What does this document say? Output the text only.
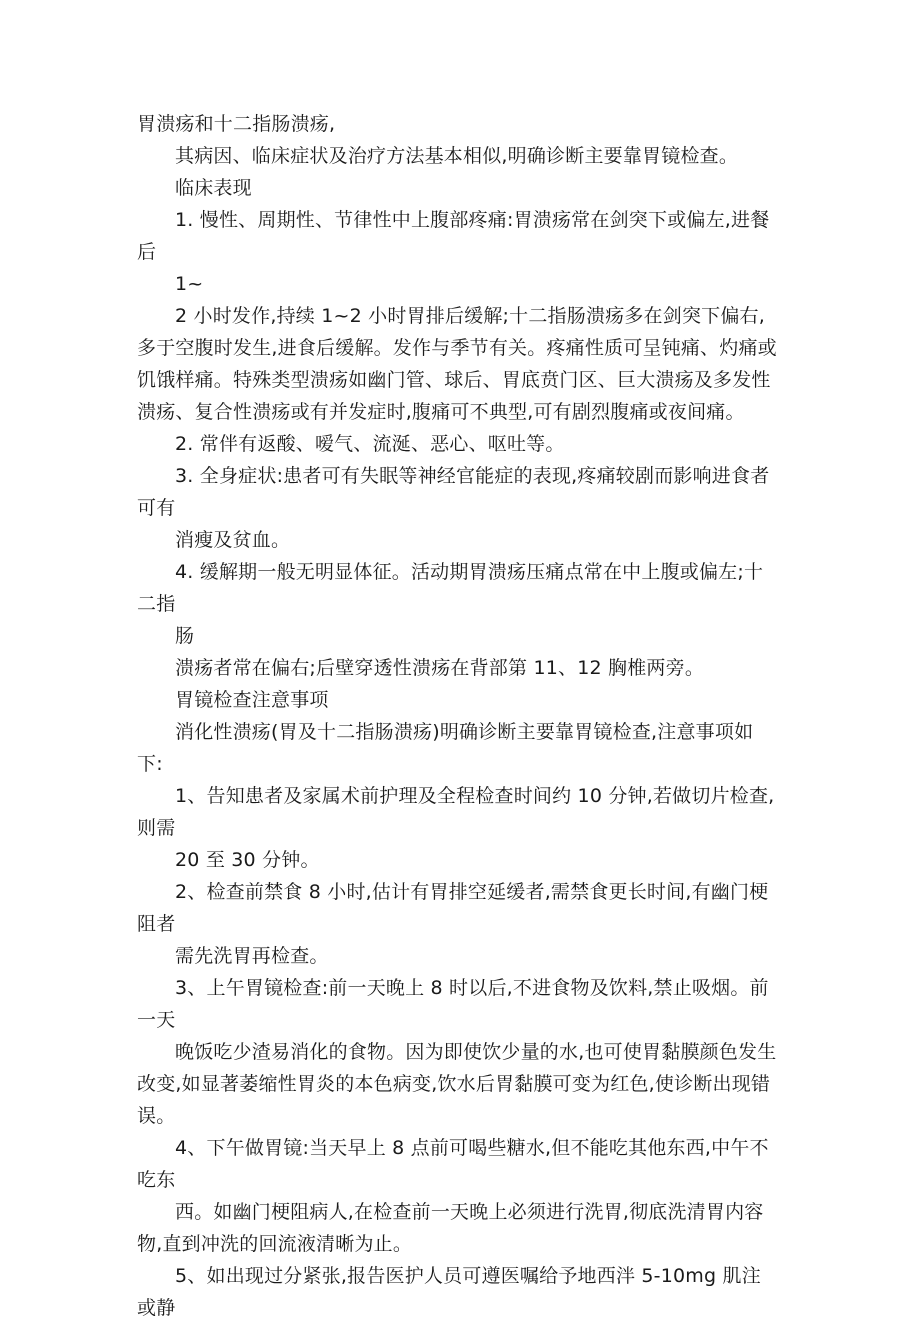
胃溃疡和十二指肠溃疡,

其病因、临床症状及治疗方法基本相似,明确诊断主要靠胃镜检查。

临床表现

1. 慢性、周期性、节律性中上腹部疼痛:胃溃疡常在剑突下或偏左,进餐后

1~

2 小时发作,持续 1~2 小时胃排后缓解;十二指肠溃疡多在剑突下偏右,多于空腹时发生,进食后缓解。发作与季节有关。疼痛性质可呈钝痛、灼痛或饥饿样痛。特殊类型溃疡如幽门管、球后、胃底贲门区、巨大溃疡及多发性溃疡、复合性溃疡或有并发症时,腹痛可不典型,可有剧烈腹痛或夜间痛。

2. 常伴有返酸、嗳气、流涎、恶心、呕吐等。

3. 全身症状:患者可有失眠等神经官能症的表现,疼痛较剧而影响进食者可有

消瘦及贫血。

4. 缓解期一般无明显体征。活动期胃溃疡压痛点常在中上腹或偏左;十二指

肠

溃疡者常在偏右;后壁穿透性溃疡在背部第 11、12 胸椎两旁。

胃镜检查注意事项

消化性溃疡(胃及十二指肠溃疡)明确诊断主要靠胃镜检查,注意事项如下:

1、告知患者及家属术前护理及全程检查时间约 10 分钟,若做切片检查,则需

20 至 30 分钟。

2、检查前禁食 8 小时,估计有胃排空延缓者,需禁食更长时间,有幽门梗阻者

需先洗胃再检查。

3、上午胃镜检查:前一天晚上 8 时以后,不进食物及饮料,禁止吸烟。前一天

晚饭吃少渣易消化的食物。因为即使饮少量的水,也可使胃黏膜颜色发生改变,如显著萎缩性胃炎的本色病变,饮水后胃黏膜可变为红色,使诊断出现错误。

4、下午做胃镜:当天早上 8 点前可喝些糖水,但不能吃其他东西,中午不吃东

西。如幽门梗阻病人,在检查前一天晚上必须进行洗胃,彻底洗清胃内容物,直到冲洗的回流液清晰为止。

5、如出现过分紧张,报告医护人员可遵医嘱给予地西泮 5-10mg 肌注或静
